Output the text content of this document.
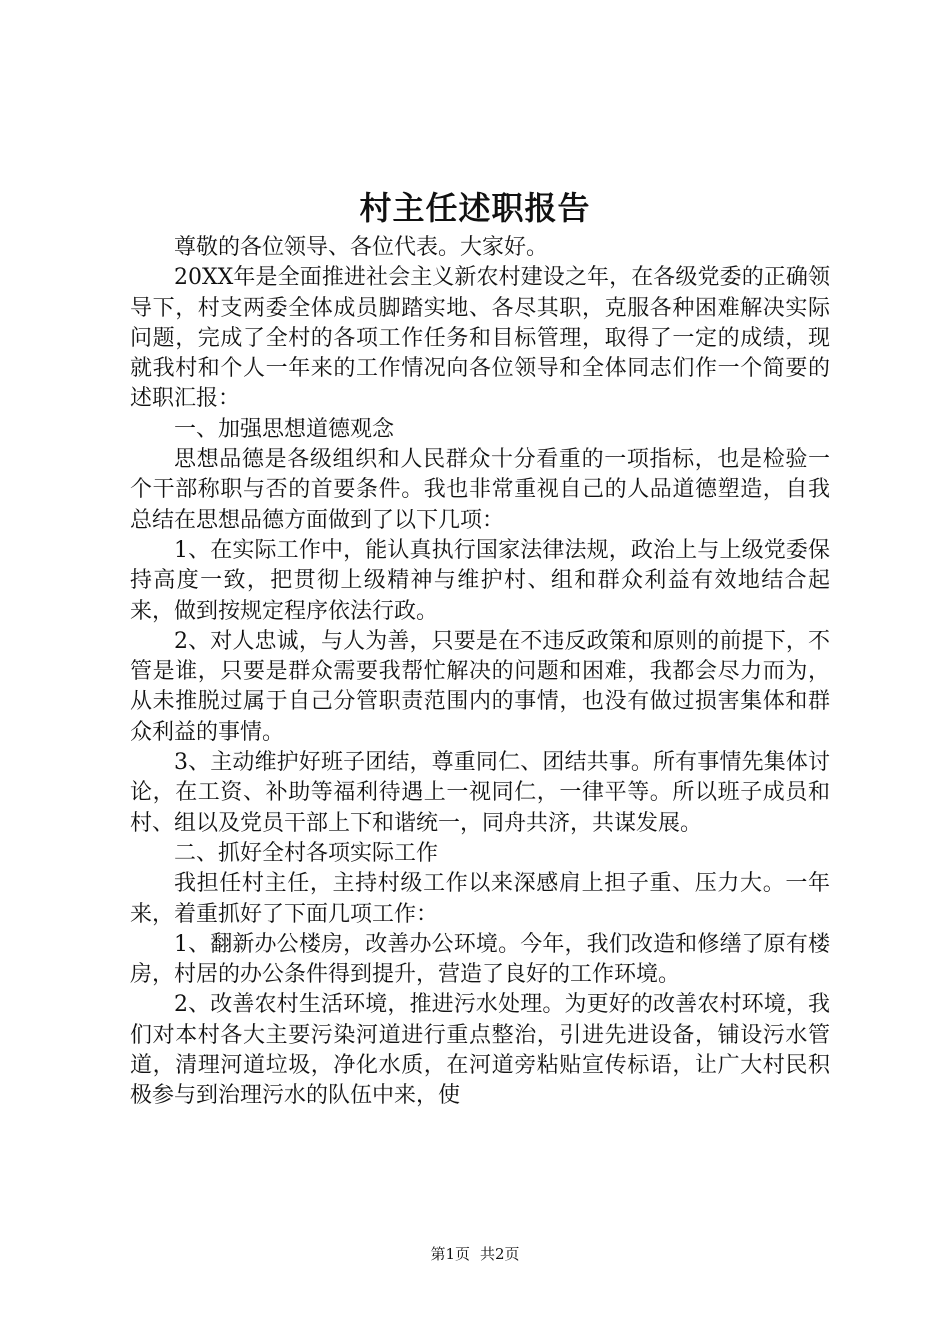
村主任述职报告

尊敬的各位领导、各位代表。大家好。

20XX年是全面推进社会主义新农村建设之年，在各级党委的正确领导下，村支两委全体成员脚踏实地、各尽其职，克服各种困难解决实际问题，完成了全村的各项工作任务和目标管理，取得了一定的成绩，现就我村和个人一年来的工作情况向各位领导和全体同志们作一个简要的述职汇报：

一、加强思想道德观念

思想品德是各级组织和人民群众十分看重的一项指标，也是检验一个干部称职与否的首要条件。我也非常重视自己的人品道德塑造，自我总结在思想品德方面做到了以下几项：

1、在实际工作中，能认真执行国家法律法规，政治上与上级党委保持高度一致，把贯彻上级精神与维护村、组和群众利益有效地结合起来，做到按规定程序依法行政。

2、对人忠诚，与人为善，只要是在不违反政策和原则的前提下，不管是谁，只要是群众需要我帮忙解决的问题和困难，我都会尽力而为，从未推脱过属于自己分管职责范围内的事情，也没有做过损害集体和群众利益的事情。

3、主动维护好班子团结，尊重同仁、团结共事。所有事情先集体讨论，在工资、补助等福利待遇上一视同仁，一律平等。所以班子成员和村、组以及党员干部上下和谐统一，同舟共济，共谋发展。

二、抓好全村各项实际工作

我担任村主任，主持村级工作以来深感肩上担子重、压力大。一年来，着重抓好了下面几项工作：

1、翻新办公楼房，改善办公环境。今年，我们改造和修缮了原有楼房，村居的办公条件得到提升，营造了良好的工作环境。

2、改善农村生活环境，推进污水处理。为更好的改善农村环境，我们对本村各大主要污染河道进行重点整治，引进先进设备，铺设污水管道，清理河道垃圾，净化水质，在河道旁粘贴宣传标语，让广大村民积极参与到治理污水的队伍中来，使

第1页 共2页
